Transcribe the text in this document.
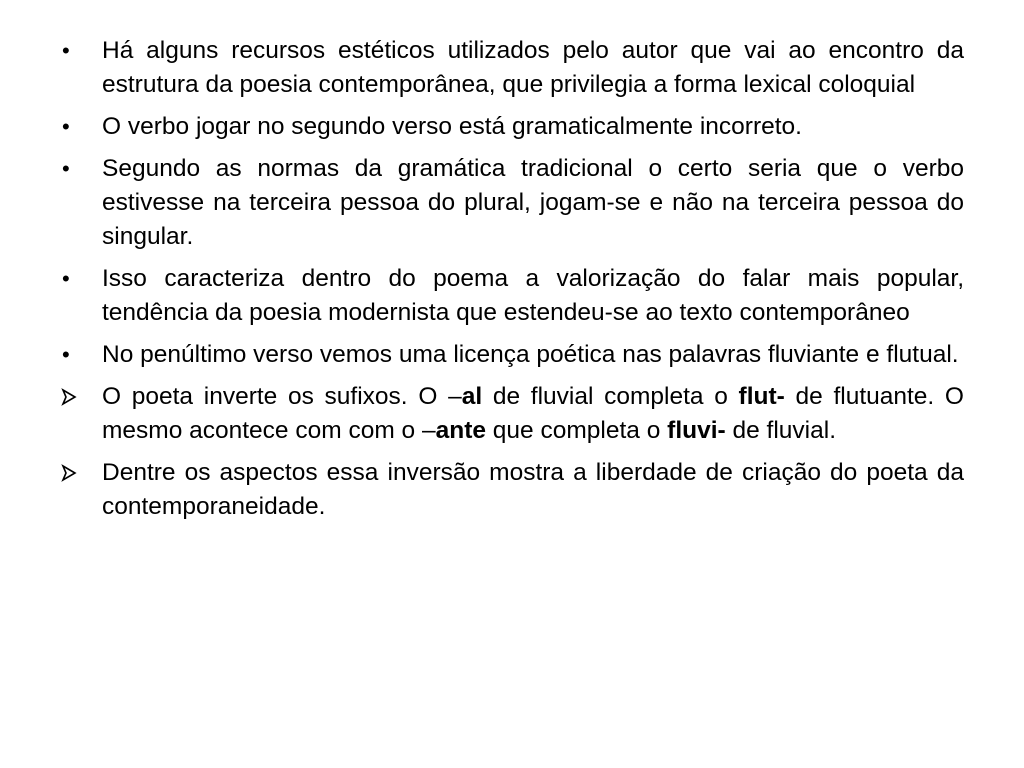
•	Há alguns recursos estéticos utilizados pelo autor que vai ao encontro da estrutura da poesia contemporânea, que privilegia a forma lexical coloquial
•	O verbo jogar no segundo verso está gramaticalmente incorreto.
•	Segundo as normas da gramática tradicional o certo seria que o verbo estivesse na terceira pessoa do plural, jogam-se e não na terceira pessoa do singular.
•	Isso caracteriza dentro do poema a valorização do falar mais popular, tendência da poesia modernista que estendeu-se ao texto contemporâneo
•	No penúltimo verso vemos uma licença poética nas palavras fluviante e flutual.
O poeta inverte os sufixos. O –al de fluvial completa o flut- de flutuante. O mesmo acontece com com o –ante que completa o fluvi- de fluvial.
Dentre os aspectos essa inversão mostra a liberdade de criação do poeta da contemporaneidade.
